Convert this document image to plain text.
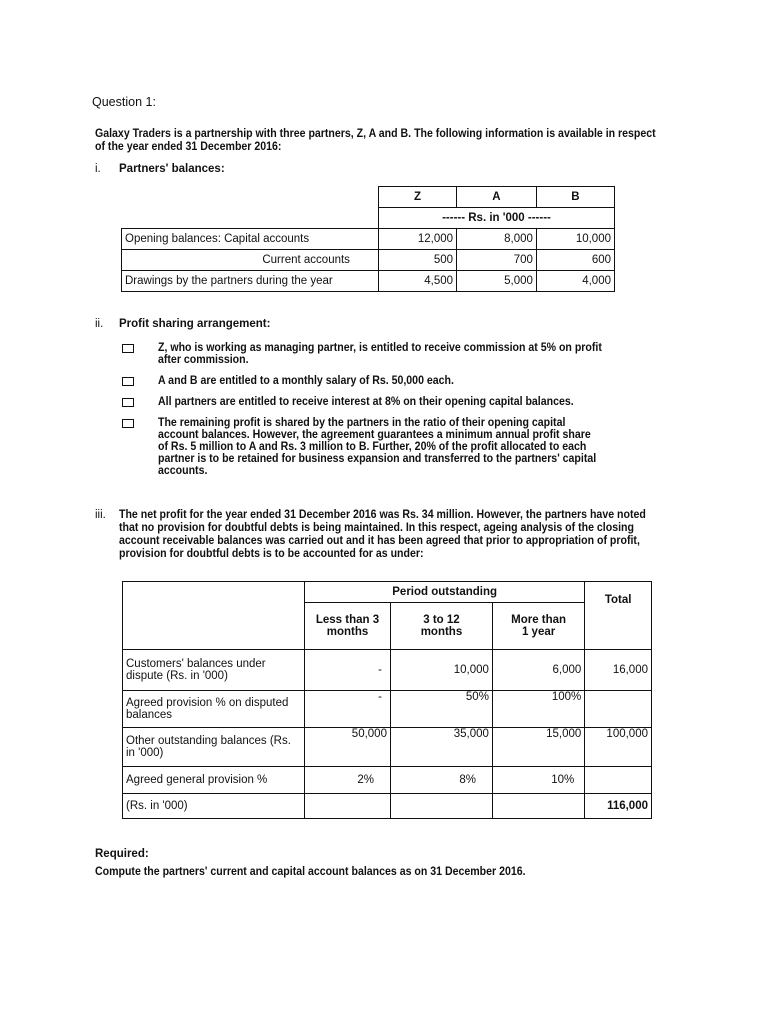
Question 1:
Galaxy Traders is a partnership with three partners, Z, A and B. The following information is available in respect of the year ended 31 December 2016:
i. Partners' balances:
	Z	A	B
	------ Rs. in '000 ------		
Opening balances: Capital accounts	12,000	8,000	10,000
Current accounts	500	700	600
Drawings by the partners during the year	4,500	5,000	4,000
ii. Profit sharing arrangement:
Z, who is working as managing partner, is entitled to receive commission at 5% on profit after commission.
A and B are entitled to a monthly salary of Rs. 50,000 each.
All partners are entitled to receive interest at 8% on their opening capital balances.
The remaining profit is shared by the partners in the ratio of their opening capital account balances. However, the agreement guarantees a minimum annual profit share of Rs. 5 million to A and Rs. 3 million to B. Further, 20% of the profit allocated to each partner is to be retained for business expansion and transferred to the partners' capital accounts.
iii.	The net profit for the year ended 31 December 2016 was Rs. 34 million. However, the partners have noted that no provision for doubtful debts is being maintained. In this respect, ageing analysis of the closing account receivable balances was carried out and it has been agreed that prior to appropriation of profit, provision for doubtful debts is to be accounted for as under:
	Period outstanding			Total
	Less than 3 months	3 to 12 months	More than 1 year	
Customers' balances under dispute (Rs. in '000)	-	10,000	6,000	16,000
Agreed provision % on disputed balances	-	50%	100%	
Other outstanding balances (Rs. in '000)	50,000	35,000	15,000	100,000
Agreed general provision %	2%	8%	10%	
(Rs. in '000)				116,000
Required:
Compute the partners' current and capital account balances as on 31 December 2016.
